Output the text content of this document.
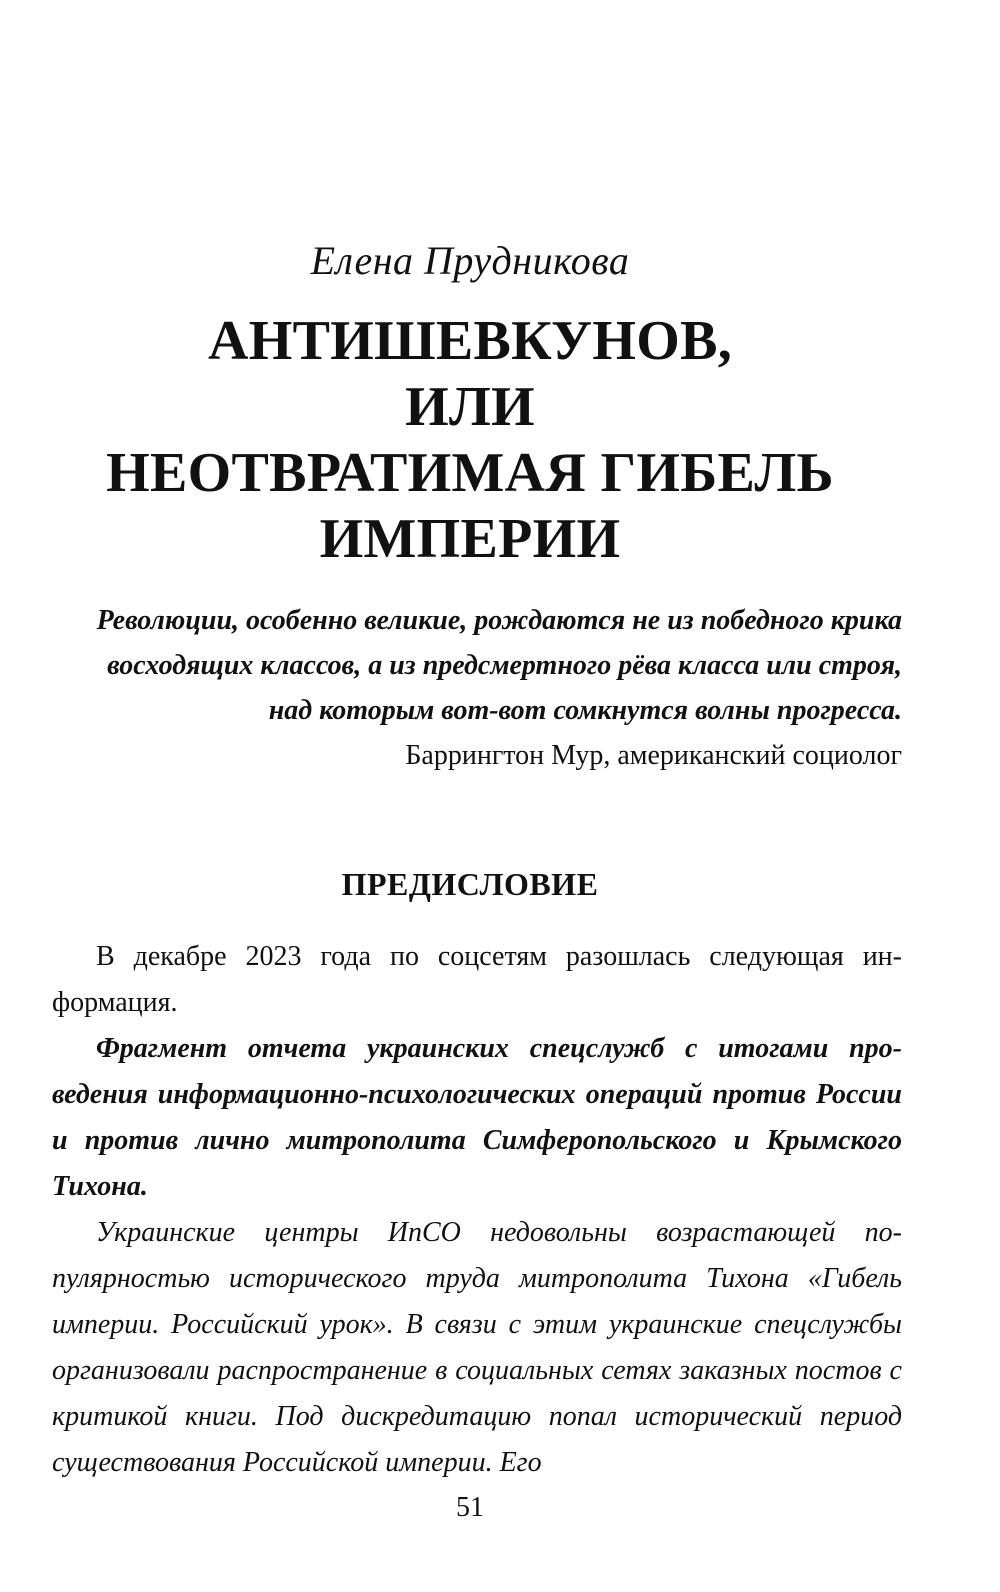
Елена Прудникова
АНТИШЕВКУНОВ,
ИЛИ
НЕОТВРАТИМАЯ ГИБЕЛЬ
ИМПЕРИИ
Революции, особенно великие, рождаются не из победного крика восходящих классов, а из предсмертного рёва класса или строя, над которым вот-вот сомкнутся волны прогресса.
Баррингтон Мур, американский социолог
ПРЕДИСЛОВИЕ

В декабре 2023 года по соцсетям разошлась следующая информация.

Фрагмент отчета украинских спецслужб с итогами проведения информационно-психологических операций против России и против лично митрополита Симферопольского и Крымского Тихона.

Украинские центры ИпСО недовольны возрастающей популярностью исторического труда митрополита Тихона «Гибель империи. Российский урок». В связи с этим украинские спецслужбы организовали распространение в социальных сетях заказных постов с критикой книги. Под дискредитацию попал исторический период существования Российской империи. Его

51
